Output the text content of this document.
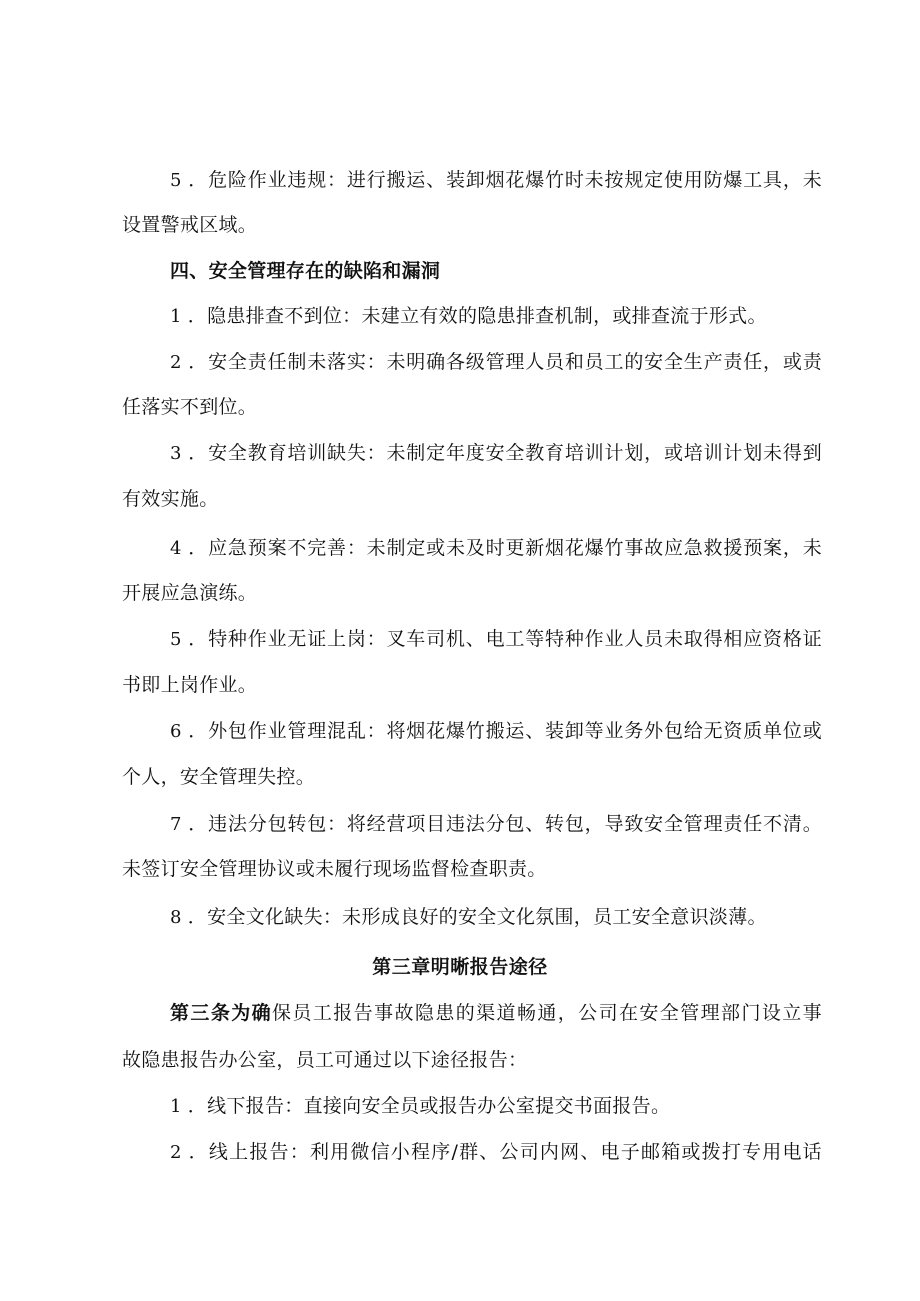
5 ．危险作业违规：进行搬运、装卸烟花爆竹时未按规定使用防爆工具，未
设置警戒区域。
四、安全管理存在的缺陷和漏洞
1 ．隐患排查不到位：未建立有效的隐患排查机制，或排查流于形式。
2 ．安全责任制未落实：未明确各级管理人员和员工的安全生产责任，或责
任落实不到位。
3 ．安全教育培训缺失：未制定年度安全教育培训计划，或培训计划未得到
有效实施。
4 ．应急预案不完善：未制定或未及时更新烟花爆竹事故应急救援预案，未
开展应急演练。
5 ．特种作业无证上岗：叉车司机、电工等特种作业人员未取得相应资格证
书即上岗作业。
6 ．外包作业管理混乱：将烟花爆竹搬运、装卸等业务外包给无资质单位或
个人，安全管理失控。
7 ．违法分包转包：将经营项目违法分包、转包，导致安全管理责任不清。
未签订安全管理协议或未履行现场监督检查职责。
8 ．安全文化缺失：未形成良好的安全文化氛围，员工安全意识淡薄。
第三章明晰报告途径
第三条为确保员工报告事故隐患的渠道畅通，公司在安全管理部门设立事
故隐患报告办公室，员工可通过以下途径报告：
1 ．线下报告：直接向安全员或报告办公室提交书面报告。
2 ．线上报告：利用微信小程序/群、公司内网、电子邮箱或拨打专用电话
